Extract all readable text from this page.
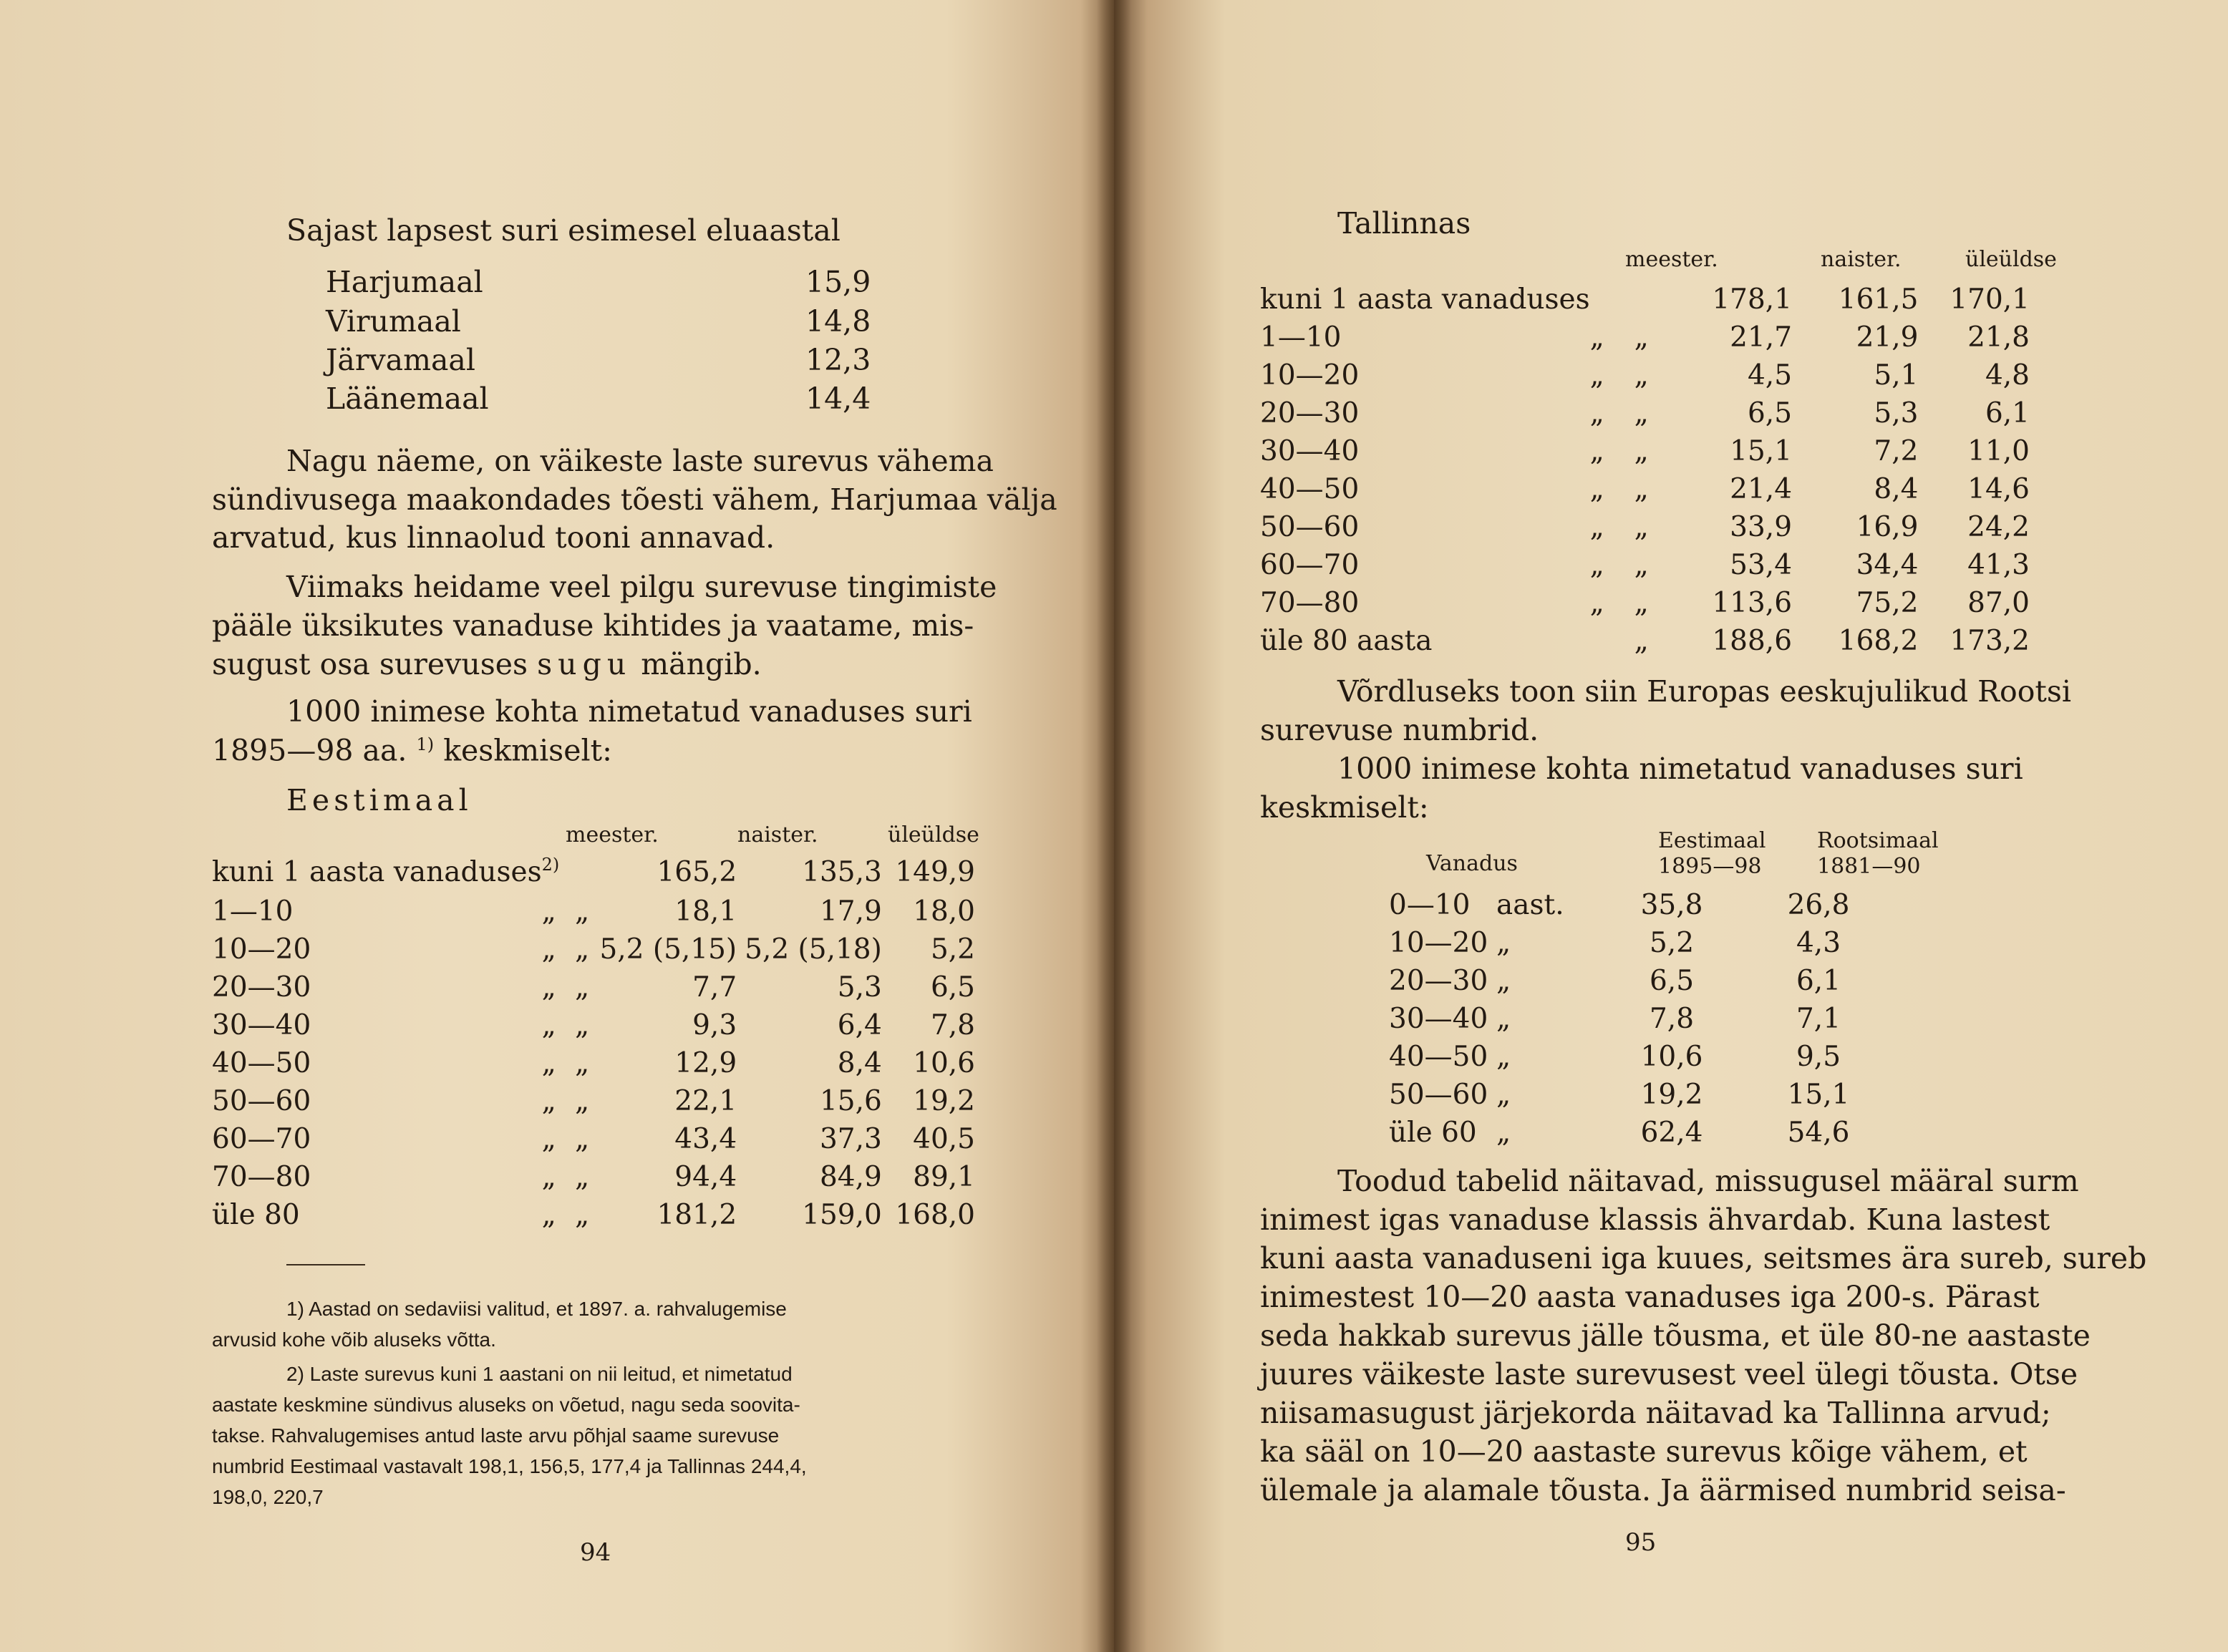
Sajast lapsest suri esimesel eluaastal
Harjumaal	15,9
Virumaal	14,8
Järvamaal	12,3
Läänemaal	14,4
Nagu näeme, on väikeste laste surevus vähema
sündivusega maakondades tõesti vähem, Harjumaa välja
arvatud, kus linnaolud tooni annavad.
Viimaks heidame veel pilgu surevuse tingimiste
pääle üksikutes vanaduse kihtides ja vaatame, mis-
sugust osa surevuses sugu mängib.
1000 inimese kohta nimetatud vanaduses suri
1895—98 aa. $^{1)}$ keskmiselt:
Eestimaal
meester.	naister.	üleüldse
kuni 1 aasta vanaduses	2)		165,2	135,3	149,9
1—10	„	„	18,1	17,9	18,0
10—20	„	„	5,2 (5,15)	5,2 (5,18)	5,2
20—30	„	„	7,7	5,3	6,5
30—40	„	„	9,3	6,4	7,8
40—50	„	„	12,9	8,4	10,6
50—60	„	„	22,1	15,6	19,2
60—70	„	„	43,4	37,3	40,5
70—80	„	„	94,4	84,9	89,1
üle 80	„	„	181,2	159,0	168,0
1) Aastad on sedaviisi valitud, et 1897. a. rahvalugemise
arvusid kohe võib aluseks võtta.
2) Laste surevus kuni 1 aastani on nii leitud, et nimetatud
aastate keskmine sündivus aluseks on võetud, nagu seda soovita-
takse. Rahvalugemises antud laste arvu põhjal saame surevuse
numbrid Eestimaal vastavalt 198,1, 156,5, 177,4 ja Tallinnas 244,4,
198,0, 220,7
94
Tallinnas
meester.	naister.	üleüldse
kuni 1 aasta vanaduses			178,1	161,5	170,1
1—10	„	„	21,7	21,9	21,8
10—20	„	„	4,5	5,1	4,8
20—30	„	„	6,5	5,3	6,1
30—40	„	„	15,1	7,2	11,0
40—50	„	„	21,4	8,4	14,6
50—60	„	„	33,9	16,9	24,2
60—70	„	„	53,4	34,4	41,3
70—80	„	„	113,6	75,2	87,0
üle 80 aasta		„	188,6	168,2	173,2
Võrdluseks toon siin Europas eeskujulikud Rootsi
surevuse numbrid.
1000 inimese kohta nimetatud vanaduses suri
keskmiselt:
Eestimaal
1895—98
Rootsimaal
1881—90
Vanadus
0—10	aast.	35,8	26,8
10—20	„	5,2	4,3
20—30	„	6,5	6,1
30—40	„	7,8	7,1
40—50	„	10,6	9,5
50—60	„	19,2	15,1
üle 60	„	62,4	54,6
Toodud tabelid näitavad, missugusel määral surm
inimest igas vanaduse klassis ähvardab. Kuna lastest
kuni aasta vanaduseni iga kuues, seitsmes ära sureb, sureb
inimestest 10—20 aasta vanaduses iga 200-s. Pärast
seda hakkab surevus jälle tõusma, et üle 80-ne aastaste
juures väikeste laste surevusest veel ülegi tõusta. Otse
niisamasugust järjekorda näitavad ka Tallinna arvud;
ka sääl on 10—20 aastaste surevus kõige vähem, et
ülemale ja alamale tõusta. Ja äärmised numbrid seisa-
95
